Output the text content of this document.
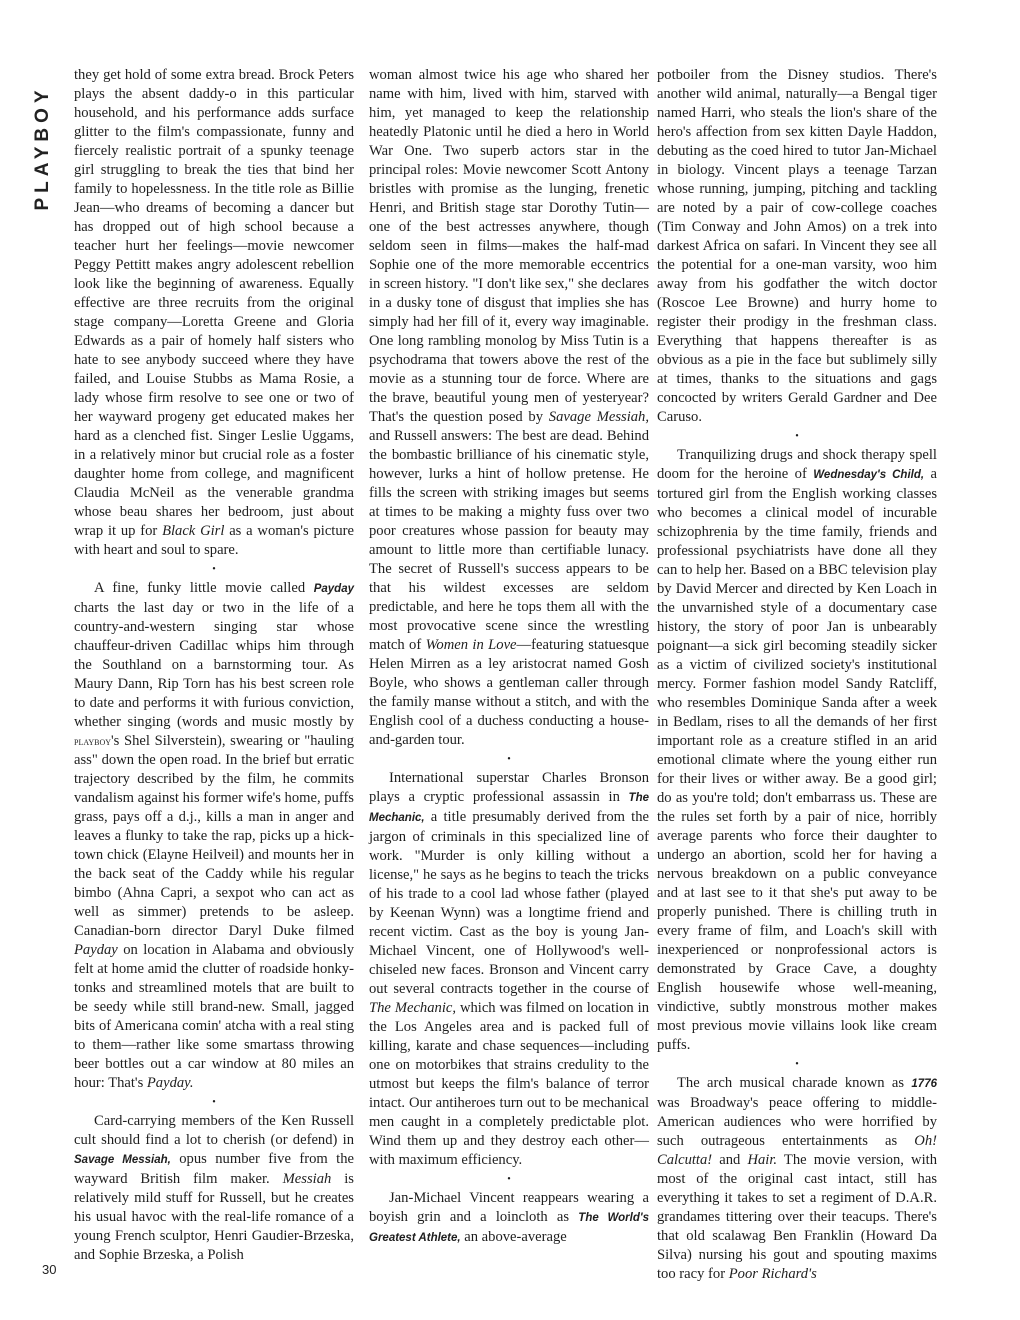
PLAYBOY
30

they get hold of some extra bread. Brock Peters plays the absent daddy-o in this particular household, and his performance adds surface glitter to the film's compassionate, funny and fiercely realistic portrait of a spunky teenage girl struggling to break the ties that bind her family to hopelessness. In the title role as Billie Jean—who dreams of becoming a dancer but has dropped out of high school because a teacher hurt her feelings—movie newcomer Peggy Pettitt makes angry adolescent rebellion look like the beginning of awareness. Equally effective are three recruits from the original stage company—Loretta Greene and Gloria Edwards as a pair of homely half sisters who hate to see anybody succeed where they have failed, and Louise Stubbs as Mama Rosie, a lady whose firm resolve to see one or two of her wayward progeny get educated makes her hard as a clenched fist. Singer Leslie Uggams, in a relatively minor but crucial role as a foster daughter home from college, and magnificent Claudia McNeil as the venerable grandma whose beau shares her bedroom, just about wrap it up for Black Girl as a woman's picture with heart and soul to spare.

•

A fine, funky little movie called Payday charts the last day or two in the life of a country-and-western singing star whose chauffeur-driven Cadillac whips him through the Southland on a barnstorming tour. As Maury Dann, Rip Torn has his best screen role to date and performs it with furious conviction, whether singing (words and music mostly by playboy's Shel Silverstein), swearing or "hauling ass" down the open road. In the brief but erratic trajectory described by the film, he commits vandalism against his former wife's home, puffs grass, pays off a d.j., kills a man in anger and leaves a flunky to take the rap, picks up a hick-town chick (Elayne Heilveil) and mounts her in the back seat of the Caddy while his regular bimbo (Ahna Capri, a sexpot who can act as well as simmer) pretends to be asleep. Canadian-born director Daryl Duke filmed Payday on location in Alabama and obviously felt at home amid the clutter of roadside honky-tonks and streamlined motels that are built to be seedy while still brand-new. Small, jagged bits of Americana comin' atcha with a real sting to them—rather like some smartass throwing beer bottles out a car window at 80 miles an hour: That's Payday.

•

Card-carrying members of the Ken Russell cult should find a lot to cherish (or defend) in Savage Messiah, opus number five from the wayward British film maker. Messiah is relatively mild stuff for Russell, but he creates his usual havoc with the real-life romance of a young French sculptor, Henri Gaudier-Brzeska, and Sophie Brzeska, a Polish

woman almost twice his age who shared her name with him, lived with him, starved with him, yet managed to keep the relationship heatedly Platonic until he died a hero in World War One. Two superb actors star in the principal roles: Movie newcomer Scott Antony bristles with promise as the lunging, frenetic Henri, and British stage star Dorothy Tutin—one of the best actresses anywhere, though seldom seen in films—makes the half-mad Sophie one of the more memorable eccentrics in screen history. "I don't like sex," she declares in a dusky tone of disgust that implies she has simply had her fill of it, every way imaginable. One long rambling monolog by Miss Tutin is a psychodrama that towers above the rest of the movie as a stunning tour de force. Where are the brave, beautiful young men of yesteryear? That's the question posed by Savage Messiah, and Russell answers: The best are dead. Behind the bombastic brilliance of his cinematic style, however, lurks a hint of hollow pretense. He fills the screen with striking images but seems at times to be making a mighty fuss over two poor creatures whose passion for beauty may amount to little more than certifiable lunacy. The secret of Russell's success appears to be that his wildest excesses are seldom predictable, and here he tops them all with the most provocative scene since the wrestling match of Women in Love—featuring statuesque Helen Mirren as a ley aristocrat named Gosh Boyle, who shows a gentleman caller through the family manse without a stitch, and with the English cool of a duchess conducting a house-and-garden tour.

•

International superstar Charles Bronson plays a cryptic professional assassin in The Mechanic, a title presumably derived from the jargon of criminals in this specialized line of work. "Murder is only killing without a license," he says as he begins to teach the tricks of his trade to a cool lad whose father (played by Keenan Wynn) was a longtime friend and recent victim. Cast as the boy is young Jan-Michael Vincent, one of Hollywood's well-chiseled new faces. Bronson and Vincent carry out several contracts together in the course of The Mechanic, which was filmed on location in the Los Angeles area and is packed full of killing, karate and chase sequences—including one on motorbikes that strains credulity to the utmost but keeps the film's balance of terror intact. Our antiheroes turn out to be mechanical men caught in a completely predictable plot. Wind them up and they destroy each other—with maximum efficiency.

•

Jan-Michael Vincent reappears wearing a boyish grin and a loincloth as The World's Greatest Athlete, an above-average

potboiler from the Disney studios. There's another wild animal, naturally—a Bengal tiger named Harri, who steals the lion's share of the hero's affection from sex kitten Dayle Haddon, debuting as the coed hired to tutor Jan-Michael in biology. Vincent plays a teenage Tarzan whose running, jumping, pitching and tackling are noted by a pair of cow-college coaches (Tim Conway and John Amos) on a trek into darkest Africa on safari. In Vincent they see all the potential for a one-man varsity, woo him away from his godfather the witch doctor (Roscoe Lee Browne) and hurry home to register their prodigy in the freshman class. Everything that happens thereafter is as obvious as a pie in the face but sublimely silly at times, thanks to the situations and gags concocted by writers Gerald Gardner and Dee Caruso.

•

Tranquilizing drugs and shock therapy spell doom for the heroine of Wednesday's Child, a tortured girl from the English working classes who becomes a clinical model of incurable schizophrenia by the time family, friends and professional psychiatrists have done all they can to help her. Based on a BBC television play by David Mercer and directed by Ken Loach in the unvarnished style of a documentary case history, the story of poor Jan is unbearably poignant—a sick girl becoming steadily sicker as a victim of civilized society's institutional mercy. Former fashion model Sandy Ratcliff, who resembles Dominique Sanda after a week in Bedlam, rises to all the demands of her first important role as a creature stifled in an arid emotional climate where the young either run for their lives or wither away. Be a good girl; do as you're told; don't embarrass us. These are the rules set forth by a pair of nice, horribly average parents who force their daughter to undergo an abortion, scold her for having a nervous breakdown on a public conveyance and at last see to it that she's put away to be properly punished. There is chilling truth in every frame of film, and Loach's skill with inexperienced or nonprofessional actors is demonstrated by Grace Cave, a doughty English housewife whose well-meaning, vindictive, subtly monstrous mother makes most previous movie villains look like cream puffs.

•

The arch musical charade known as 1776 was Broadway's peace offering to middle-American audiences who were horrified by such outrageous entertainments as Oh! Calcutta! and Hair. The movie version, with most of the original cast intact, still has everything it takes to set a regiment of D.A.R. grandames tittering over their teacups. There's that old scalawag Ben Franklin (Howard Da Silva) nursing his gout and spouting maxims too racy for Poor Richard's
